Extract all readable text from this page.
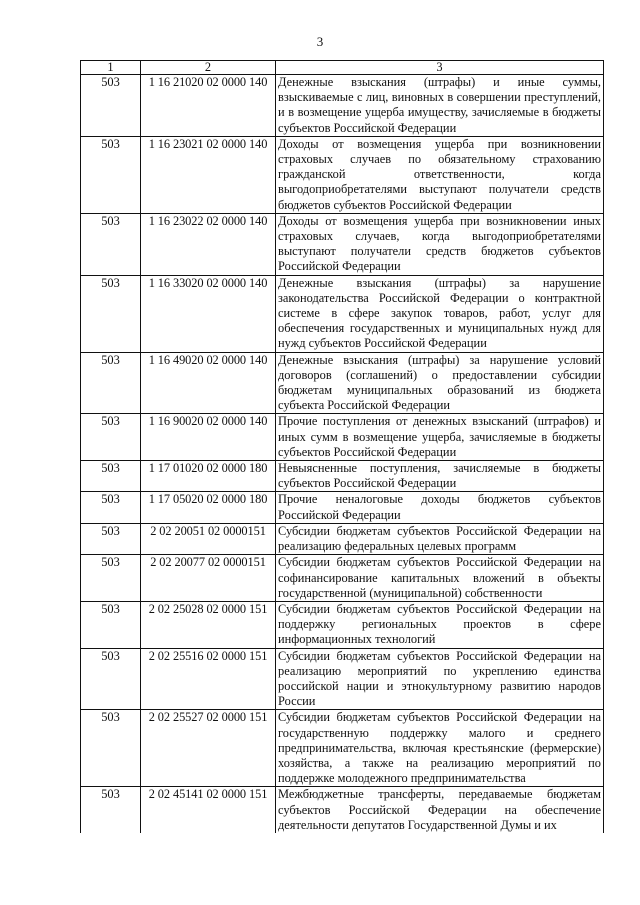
3
1	2	3
503	1 16 21020 02 0000 140	Денежные взыскания (штрафы) и иные суммы, взыскиваемые с лиц, виновных в совершении преступлений, и в возмещение ущерба имуществу, зачисляемые в бюджеты субъектов Российской Федерации
503	1 16 23021 02 0000 140	Доходы от возмещения ущерба при возникновении страховых случаев по обязательному страхованию гражданской ответственности, когда выгодоприобретателями выступают получатели средств бюджетов субъектов Российской Федерации
503	1 16 23022 02 0000 140	Доходы от возмещения ущерба при возникновении иных страховых случаев, когда выгодоприобретателями выступают получатели средств бюджетов субъектов Российской Федерации
503	1 16 33020 02 0000 140	Денежные взыскания (штрафы) за нарушение законодательства Российской Федерации о контрактной системе в сфере закупок товаров, работ, услуг для обеспечения государственных и муниципальных нужд для нужд субъектов Российской Федерации
503	1 16 49020 02 0000 140	Денежные взыскания (штрафы) за нарушение условий договоров (соглашений) о предоставлении субсидии бюджетам муниципальных образований из бюджета субъекта Российской Федерации
503	1 16 90020 02 0000 140	Прочие поступления от денежных взысканий (штрафов) и иных сумм в возмещение ущерба, зачисляемые в бюджеты субъектов Российской Федерации
503	1 17 01020 02 0000 180	Невыясненные поступления, зачисляемые в бюджеты субъектов Российской Федерации
503	1 17 05020 02 0000 180	Прочие неналоговые доходы бюджетов субъектов Российской Федерации
503	2 02 20051 02 0000151	Субсидии бюджетам субъектов Российской Федерации на реализацию федеральных целевых программ
503	2 02 20077 02 0000151	Субсидии бюджетам субъектов Российской Федерации на софинансирование капитальных вложений в объекты государственной (муниципальной) собственности
503	2 02 25028 02 0000 151	Субсидии бюджетам субъектов Российской Федерации на поддержку региональных проектов в сфере информационных технологий
503	2 02 25516 02 0000 151	Субсидии бюджетам субъектов Российской Федерации на реализацию мероприятий по укреплению единства российской нации и этнокультурному развитию народов России
503	2 02 25527 02 0000 151	Субсидии бюджетам субъектов Российской Федерации на государственную поддержку малого и среднего предпринимательства, включая крестьянские (фермерские) хозяйства, а также на реализацию мероприятий по поддержке молодежного предпринимательства
503	2 02 45141 02 0000 151	Межбюджетные трансферты, передаваемые бюджетам субъектов Российской Федерации на обеспечение деятельности депутатов Государственной Думы и их
